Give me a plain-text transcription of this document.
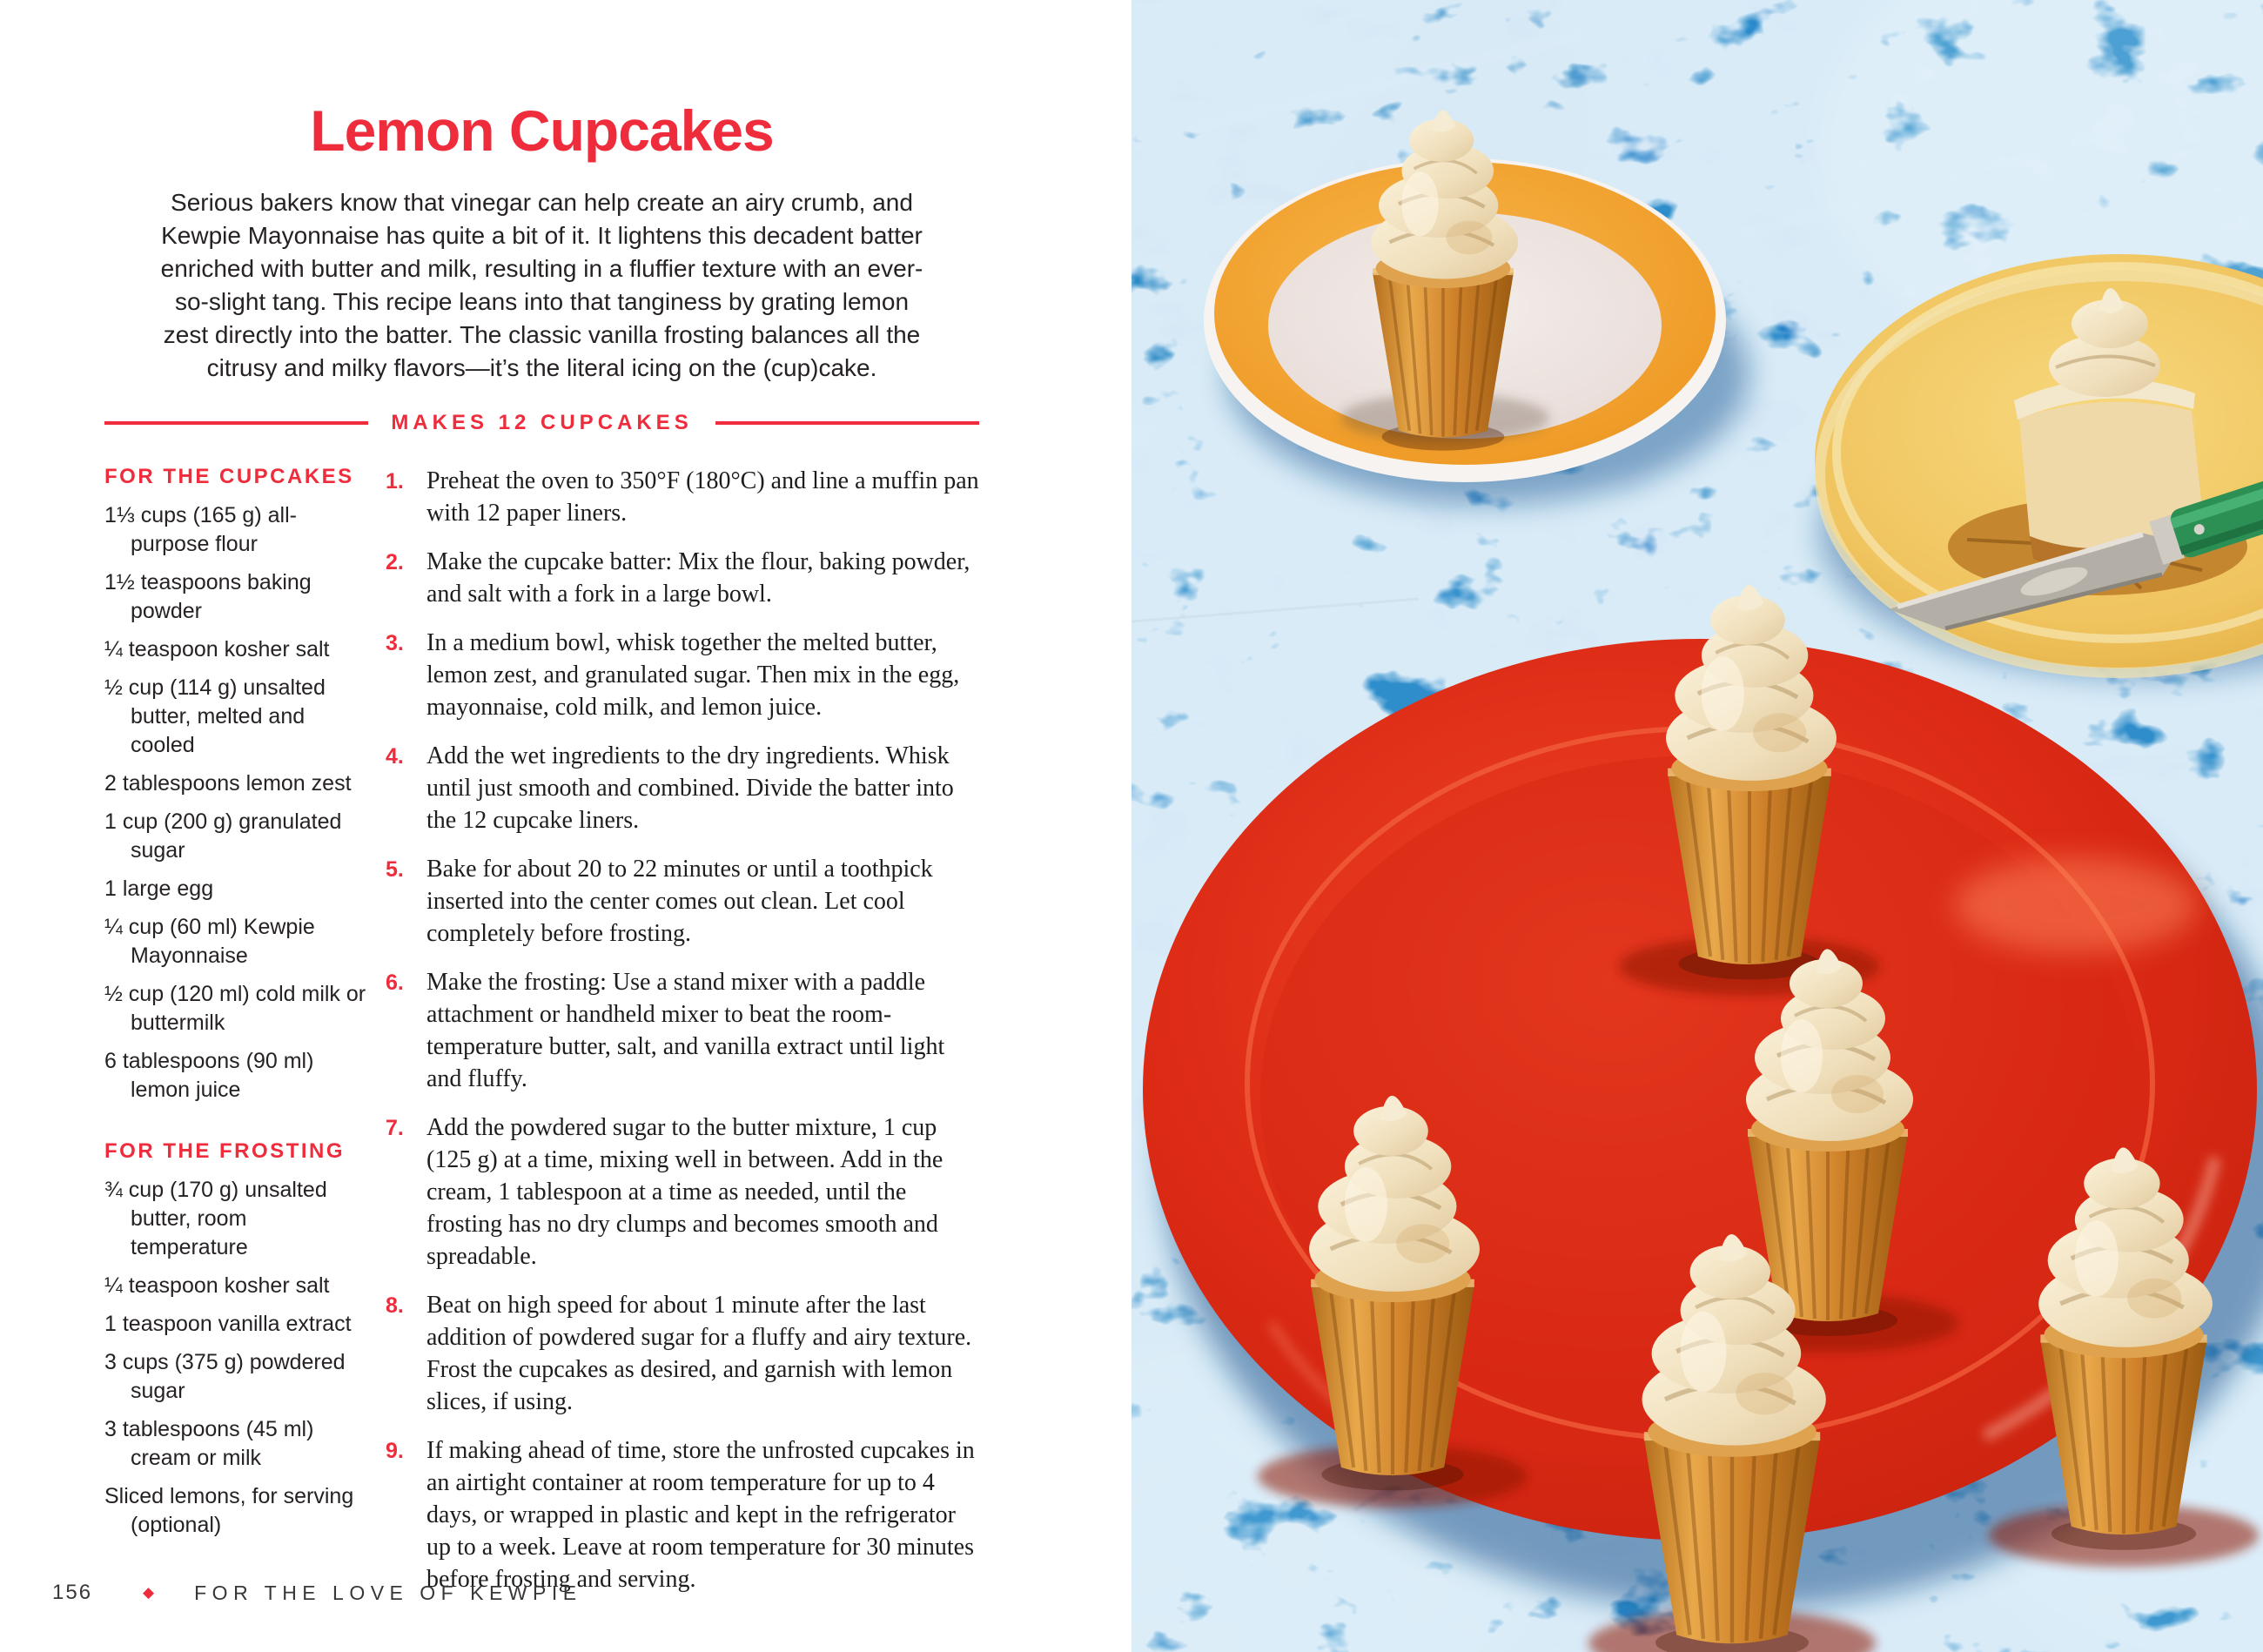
Lemon Cupcakes

Serious bakers know that vinegar can help create an airy crumb, and Kewpie Mayonnaise has quite a bit of it. It lightens this decadent batter enriched with butter and milk, resulting in a fluffier texture with an ever-so-slight tang. This recipe leans into that tanginess by grating lemon zest directly into the batter. The classic vanilla frosting balances all the citrusy and milky flavors—it’s the literal icing on the (cup)cake.

MAKES 12 CUPCAKES
FOR THE CUPCAKES
1⅓ cups (165 g) all-purpose flour
1½ teaspoons baking powder
¼ teaspoon kosher salt
½ cup (114 g) unsalted butter, melted and cooled
2 tablespoons lemon zest
1 cup (200 g) granulated sugar
1 large egg
¼ cup (60 ml) Kewpie Mayonnaise
½ cup (120 ml) cold milk or buttermilk
6 tablespoons (90 ml) lemon juice
FOR THE FROSTING
¾ cup (170 g) unsalted butter, room temperature
¼ teaspoon kosher salt
1 teaspoon vanilla extract
3 cups (375 g) powdered sugar
3 tablespoons (45 ml) cream or milk
Sliced lemons, for serving (optional)
Preheat the oven to 350°F (180°C) and line a muffin pan with 12 paper liners.
Make the cupcake batter: Mix the flour, baking powder, and salt with a fork in a large bowl.
In a medium bowl, whisk together the melted butter, lemon zest, and granulated sugar. Then mix in the egg, mayonnaise, cold milk, and lemon juice.
Add the wet ingredients to the dry ingredients. Whisk until just smooth and combined. Divide the batter into the 12 cupcake liners.
Bake for about 20 to 22 minutes or until a toothpick inserted into the center comes out clean. Let cool completely before frosting.
Make the frosting: Use a stand mixer with a paddle attachment or handheld mixer to beat the room-temperature butter, salt, and vanilla extract until light and fluffy.
Add the powdered sugar to the butter mixture, 1 cup (125 g) at a time, mixing well in between. Add in the cream, 1 tablespoon at a time as needed, until the frosting has no dry clumps and becomes smooth and spreadable.
Beat on high speed for about 1 minute after the last addition of powdered sugar for a fluffy and airy texture. Frost the cupcakes as desired, and garnish with lemon slices, if using.
If making ahead of time, store the unfrosted cupcakes in an airtight container at room temperature for up to 4 days, or wrapped in plastic and kept in the refrigerator up to a week. Leave at room temperature for 30 minutes before frosting and serving.
156	◆ FOR THE LOVE OF KEWPIE
